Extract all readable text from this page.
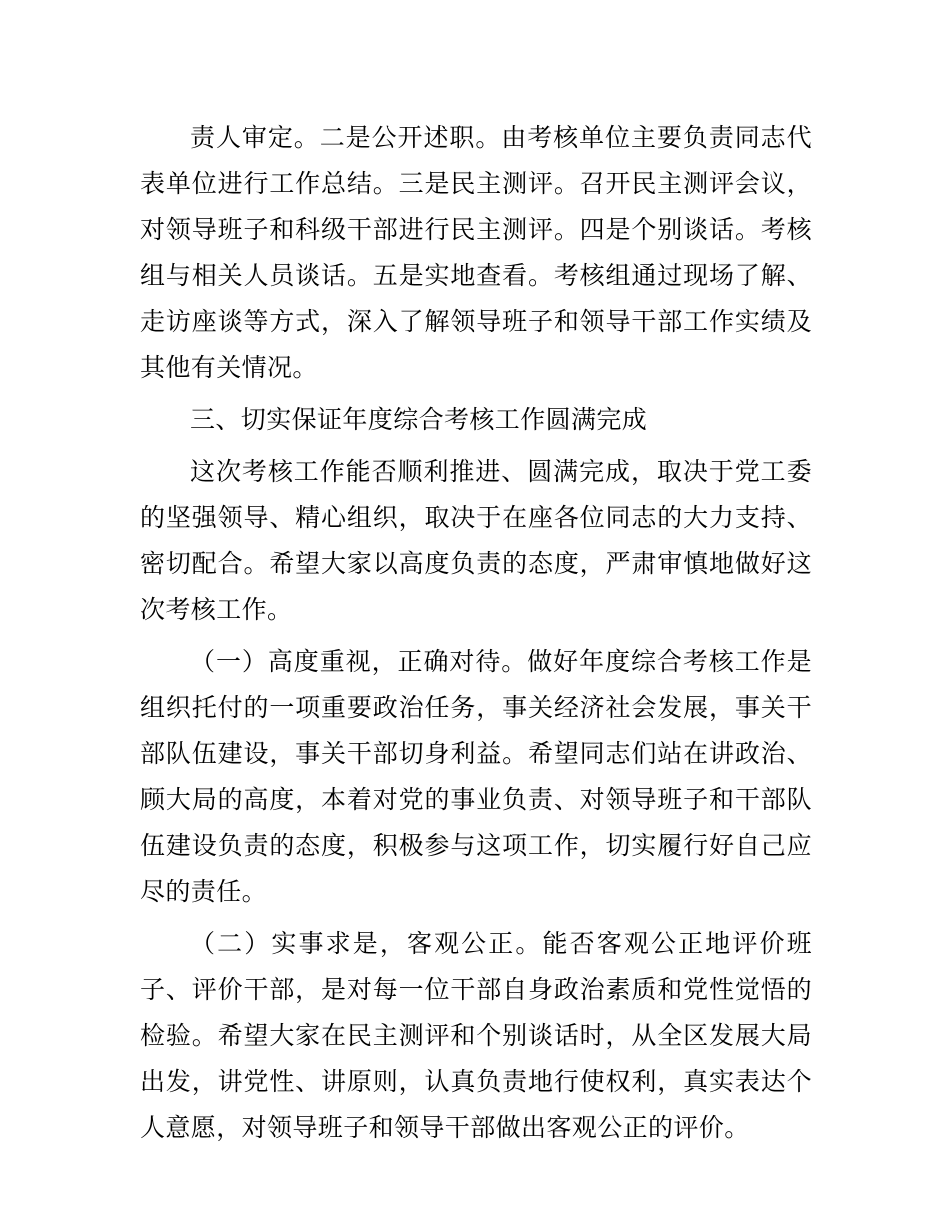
责人审定。二是公开述职。由考核单位主要负责同志代表单位进行工作总结。三是民主测评。召开民主测评会议，对领导班子和科级干部进行民主测评。四是个别谈话。考核组与相关人员谈话。五是实地查看。考核组通过现场了解、走访座谈等方式，深入了解领导班子和领导干部工作实绩及其他有关情况。

三、切实保证年度综合考核工作圆满完成

这次考核工作能否顺利推进、圆满完成，取决于党工委的坚强领导、精心组织，取决于在座各位同志的大力支持、密切配合。希望大家以高度负责的态度，严肃审慎地做好这次考核工作。

（一）高度重视，正确对待。做好年度综合考核工作是组织托付的一项重要政治任务，事关经济社会发展，事关干部队伍建设，事关干部切身利益。希望同志们站在讲政治、顾大局的高度，本着对党的事业负责、对领导班子和干部队伍建设负责的态度，积极参与这项工作，切实履行好自己应尽的责任。

（二）实事求是，客观公正。能否客观公正地评价班子、评价干部，是对每一位干部自身政治素质和党性觉悟的检验。希望大家在民主测评和个别谈话时，从全区发展大局出发，讲党性、讲原则，认真负责地行使权利，真实表达个人意愿，对领导班子和领导干部做出客观公正的评价。
